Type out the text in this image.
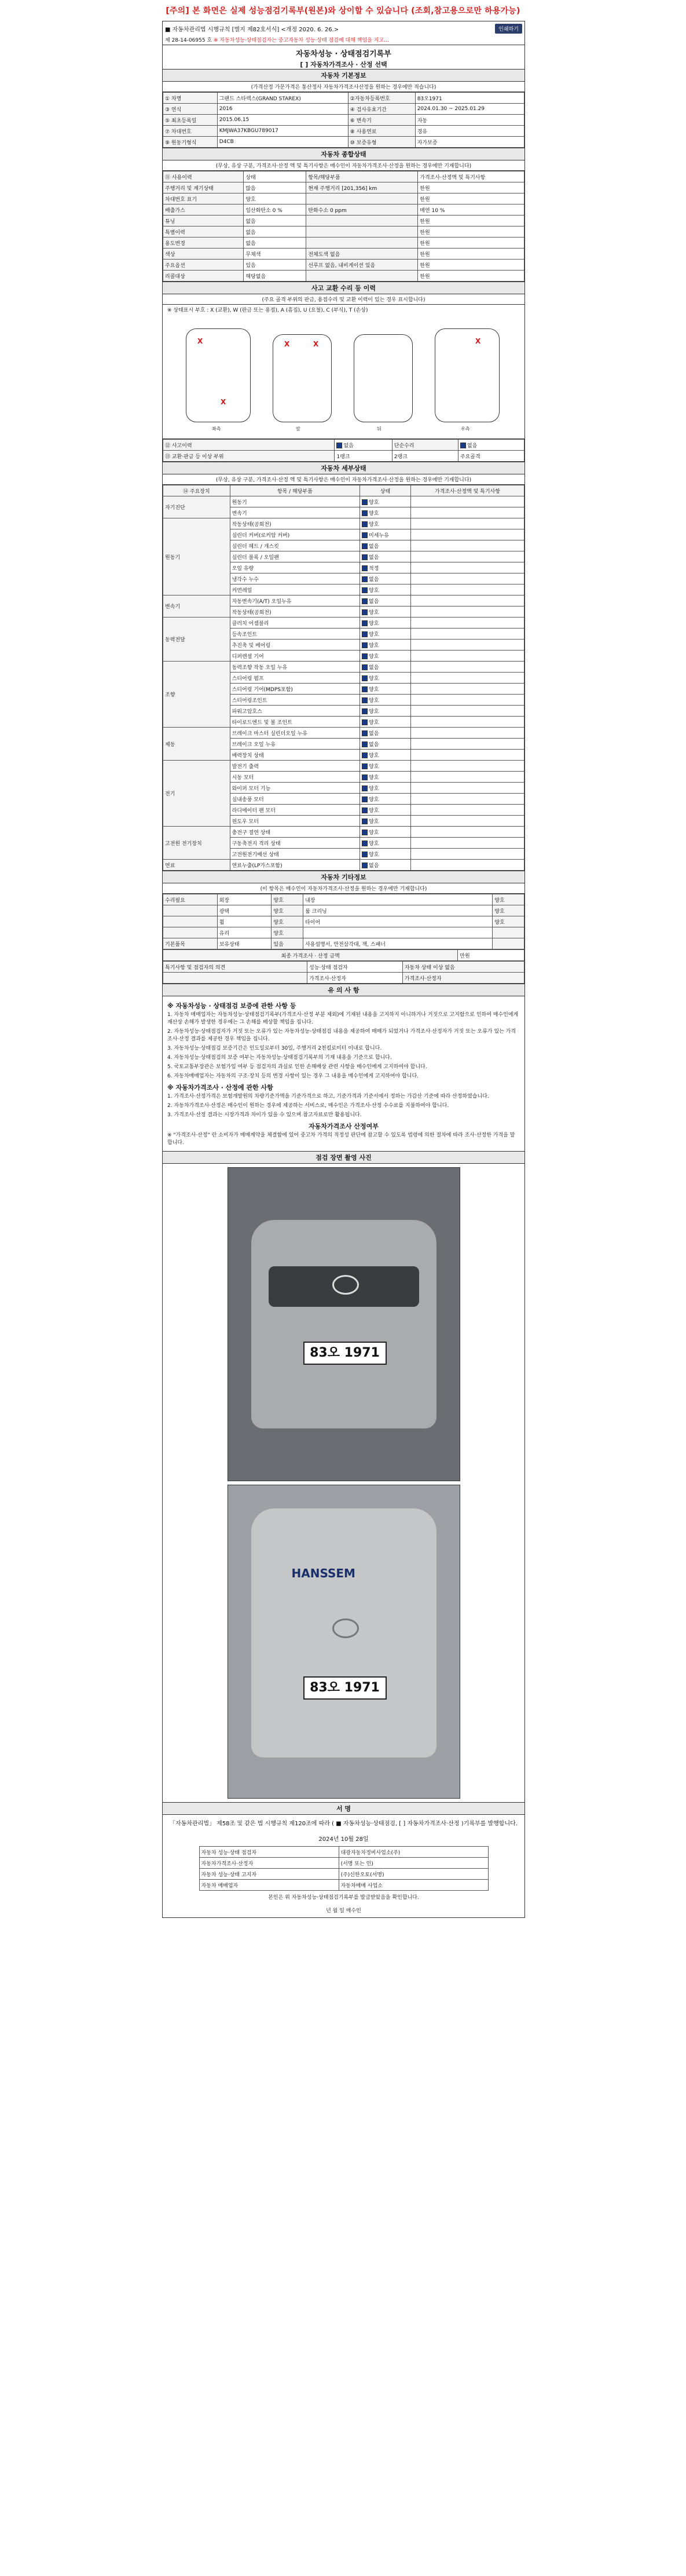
[주의] 본 화면은 실제 성능점검기록부(원본)와 상이할 수 있습니다 (조회,참고용으로만 하용가능)
■ 자동차관리법 시행규칙 [별지 제82호서식] <개정 2020. 6. 26.>	인쇄하기
제 28-14-06955 호 ※ 자동차성능·상태점검자는 중고자동차 성능·상태 점검에 대해 책임을 지고...
자동차성능 · 상태점검기록부
[ ] 자동차가격조사 · 산정 선택
자동차 기본정보
(가격산정 가문가격은 통산정사 자동차가격조사산정을 원하는 경우에만 적습니다)
① 차명	그랜드 스타렉스(GRAND STAREX)	②자동차등록번호	83오1971
③ 연식	2016	④ 검사유효기간	2024.01.30 ~ 2025.01.29
⑤ 최초등록일	2015.06.15	⑥ 변속기	자동
⑦ 차대번호	KMJWA37KBGU789017	⑧ 사용연료	경유
⑨ 원동기형식	D4CB	⑩ 보증유형	자가보증
자동차 종합상태
(무상, 유상 구분, 가격조사·산정 액 및 특기사항은 매수인이 자동차가격조사·산정을 원하는 경우에만 기재합니다)
⑪ 사용이력	상태	항목/해당부품	가격조사·산정액 및 특기사항
주행거리 및 계기상태	많음	현재 주행거리 [201,356] km	한원
차대번호 표기	양호		한원
배출가스	일산화탄소 0 %	탄화수소 0 ppm	매연 10 %
튜닝	없음		한원
특별이력	없음		한원
용도변경	없음		한원
색상	무채색	전체도색 없음	한원
주요옵션	있음	선루프 없음, 내비게이션 있음	한원
리콜대상	해당없음		한원
사고 교환 수리 등 이력
(주요 골격 부위의 판금, 용접수리 및 교환 이력이 있는 경우 표시합니다)
※ 상태표시 부호 : X (교환), W (판금 또는 용접), A (흠집), U (요철), C (부식), T (손상)
앞	뒤
좌측	우측
X	X	X	X
X
⑫ 사고이력	없음	단순수리	없음
⑬ 교환·판금 등 이상 부위	1랭크	2랭크	주요골격
자동차 세부상태
(무상, 유상 구분, 가격조사·산정 액 및 특기사항은 매수인이 자동차가격조사·산정을 원하는 경우에만 기재합니다)
⑭ 주요장치	항목 / 해당부품	상태	가격조사·산정액 및 특기사항
자기진단	원동기	양호	
	변속기	양호	
원동기	작동상태(공회전)	양호	
	실린더 커버(로커암 커버)	미세누유	
	실린더 헤드 / 개스킷	없음	
	실린더 블록 / 오일팬	없음	
	오일 유량	적정	
	냉각수 누수	없음	
	커먼레일	양호	
변속기	자동변속기(A/T) 오일누유	없음	
	작동상태(공회전)	양호	
동력전달	클러치 어셈블리	양호	
	등속조인트	양호	
	추진축 및 베어링	양호	
	디퍼렌셜 기어	양호	
조향	동력조향 작동 오일 누유	없음	
	스티어링 펌프	양호	
	스티어링 기어(MDPS포함)	양호	
	스티어링조인트	양호	
	파워고압호스	양호	
	타이로드엔드 및 볼 조인트	양호	
제동	브레이크 마스터 실린더오일 누유	없음	
	브레이크 오일 누유	없음	
	배력장치 상태	양호	
전기	발전기 출력	양호	
	시동 모터	양호	
	와이퍼 모터 기능	양호	
	실내송풍 모터	양호	
	라디에이터 팬 모터	양호	
	윈도우 모터	양호	
고전원 전기장치	충전구 절연 상태	양호	
	구동축전지 격리 상태	양호	
	고전원전기배선 상태	양호	
연료	연료누출(LP가스포함)	없음	
자동차 기타정보
(이 항목은 매수인이 자동차가격조사·산정을 원하는 경우에만 기재합니다)
수리필요	외장	양호	내장	양호
	광택	양호	룸 크리닝	양호
	휠	양호	타이어	양호
	유리	양호		
기본품목	보유상태	있음	사용설명서, 안전삼각대, 잭, 스패너	
최종 가격조사 · 산정 금액	만원
특기사항 및 점검자의 의견	성능·상태 점검자	자동차 상태 이상 없음
	가격조사·산정자	가격조사·산정자
유 의 사 항

※ 자동차성능 · 상태점검 보증에 관한 사항 등

1. 자동차 매매업자는 자동차성능·상태점검기록부(가격조사·산정 부분 제외)에 기재된 내용을 고지하지 아니하거나 거짓으로 고지함으로 인하여 매수인에게 재산상 손해가 발생한 경우에는 그 손해를 배상할 책임을 집니다.

2. 자동차성능·상태점검자가 거짓 또는 오류가 있는 자동차성능·상태점검 내용을 제공하여 매매가 되었거나 가격조사·산정자가 거짓 또는 오류가 있는 가격조사·산정 결과를 제공한 경우 책임을 집니다.

3. 자동차성능·상태점검 보증기간은 인도일로부터 30일, 주행거리 2천킬로미터 이내로 합니다.

4. 자동차성능·상태점검의 보증 여부는 자동차성능·상태점검기록부의 기재 내용을 기준으로 합니다.

5. 국토교통부장관은 보험가입 여부 등 점검자의 과실로 인한 손해배상 관련 사항을 매수인에게 고지하여야 합니다.

6. 자동차매매업자는 자동차의 구조·장치 등의 변경 사항이 있는 경우 그 내용을 매수인에게 고지하여야 합니다.

※ 자동차가격조사 · 산정에 관한 사항

1. 가격조사·산정가격은 보험개발원의 차량기준가액을 기준가격으로 하고, 기준가격과 기준서에서 정하는 가감산 기준에 따라 산정하였습니다.

2. 자동차가격조사·산정은 매수인이 원하는 경우에 제공하는 서비스로, 매수인은 가격조사·산정 수수료를 지불하여야 합니다.

3. 가격조사·산정 결과는 시장가격과 차이가 있을 수 있으며 참고자료로만 활용됩니다.

자동차가격조사 산정여부

※ "가격조사·산정" 란 소비자가 매매계약을 체결함에 있어 중고차 가격의 적정성 판단에 참고할 수 있도록 법령에 의한 절차에 따라 조사·산정한 가격을 말합니다.

점검 장면 촬영 사진
83오 1971
HANSSEM
83오 1971
서 명
「자동차관리법」 제58조 및 같은 법 시행규칙 제120조에 따라 ( ■ 자동차성능·상태점검, [ ] 자동차가격조사·산정 )기록부를 발행합니다.
2024년 10월 28일
자동차 성능·상태 점검자	대광자동차정비사업소(주)
자동차가격조사·산정자	(서명 또는 인)
자동차 성능·상태 고지자	(주)신한오토(서명)
자동차 매매업자	자동차매매 사업소
본인은 위 자동차성능·상태점검기록부를 발급받았음을 확인합니다.
년 월 일 매수인
